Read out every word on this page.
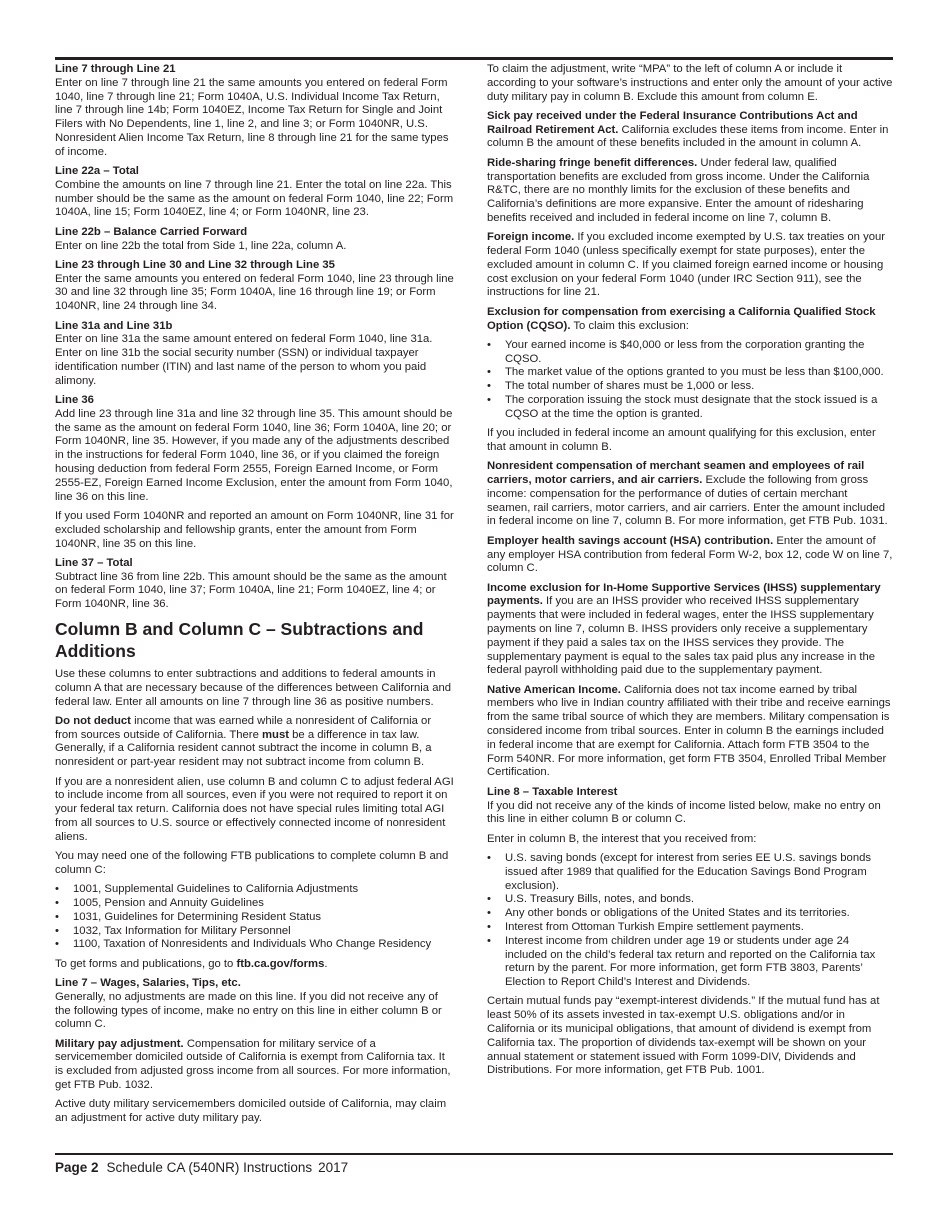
Line 7 through Line 21

Enter on line 7 through line 21 the same amounts you entered on federal Form 1040, line 7 through line 21; Form 1040A, U.S. Individual Income Tax Return, line 7 through line 14b; Form 1040EZ, Income Tax Return for Single and Joint Filers with No Dependents, line 1, line 2, and line 3; or Form 1040NR, U.S. Nonresident Alien Income Tax Return, line 8 through line 21 for the same types of income.

Line 22a – Total

Combine the amounts on line 7 through line 21. Enter the total on line 22a. This number should be the same as the amount on federal Form 1040, line 22; Form 1040A, line 15; Form 1040EZ, line 4; or Form 1040NR, line 23.

Line 22b – Balance Carried Forward

Enter on line 22b the total from Side 1, line 22a, column A.

Line 23 through Line 30 and Line 32 through Line 35

Enter the same amounts you entered on federal Form 1040, line 23 through line 30 and line 32 through line 35; Form 1040A, line 16 through line 19; or Form 1040NR, line 24 through line 34.

Line 31a and Line 31b

Enter on line 31a the same amount entered on federal Form 1040, line 31a. Enter on line 31b the social security number (SSN) or individual taxpayer identification number (ITIN) and last name of the person to whom you paid alimony.

Line 36

Add line 23 through line 31a and line 32 through line 35. This amount should be the same as the amount on federal Form 1040, line 36; Form 1040A, line 20; or Form 1040NR, line 35. However, if you made any of the adjustments described in the instructions for federal Form 1040, line 36, or if you claimed the foreign housing deduction from federal Form 2555, Foreign Earned Income, or Form 2555-EZ, Foreign Earned Income Exclusion, enter the amount from Form 1040, line 36 on this line.

If you used Form 1040NR and reported an amount on Form 1040NR, line 31 for excluded scholarship and fellowship grants, enter the amount from Form 1040NR, line 35 on this line.

Line 37 – Total

Subtract line 36 from line 22b. This amount should be the same as the amount on federal Form 1040, line 37; Form 1040A, line 21; Form 1040EZ, line 4; or Form 1040NR, line 36.

Column B and Column C – Subtractions and Additions

Use these columns to enter subtractions and additions to federal amounts in column A that are necessary because of the differences between California and federal law. Enter all amounts on line 7 through line 36 as positive numbers.

Do not deduct income that was earned while a nonresident of California or from sources outside of California. There must be a difference in tax law. Generally, if a California resident cannot subtract the income in column B, a nonresident or part-year resident may not subtract income from column B.

If you are a nonresident alien, use column B and column C to adjust federal AGI to include income from all sources, even if you were not required to report it on your federal tax return. California does not have special rules limiting total AGI from all sources to U.S. source or effectively connected income of nonresident aliens.

You may need one of the following FTB publications to complete column B and column C:

• 1001, Supplemental Guidelines to California Adjustments
• 1005, Pension and Annuity Guidelines
• 1031, Guidelines for Determining Resident Status
• 1032, Tax Information for Military Personnel
• 1100, Taxation of Nonresidents and Individuals Who Change Residency

To get forms and publications, go to ftb.ca.gov/forms.

Line 7 – Wages, Salaries, Tips, etc.

Generally, no adjustments are made on this line. If you did not receive any of the following types of income, make no entry on this line in either column B or column C.

Military pay adjustment. Compensation for military service of a servicemember domiciled outside of California is exempt from California tax. It is excluded from adjusted gross income from all sources. For more information, get FTB Pub. 1032.

Active duty military servicemembers domiciled outside of California, may claim an adjustment for active duty military pay.

To claim the adjustment, write “MPA” to the left of column A or include it according to your software’s instructions and enter only the amount of your active duty military pay in column B. Exclude this amount from column E.

Sick pay received under the Federal Insurance Contributions Act and Railroad Retirement Act. California excludes these items from income. Enter in column B the amount of these benefits included in the amount in column A.

Ride-sharing fringe benefit differences. Under federal law, qualified transportation benefits are excluded from gross income. Under the California R&TC, there are no monthly limits for the exclusion of these benefits and California’s definitions are more expansive. Enter the amount of ridesharing benefits received and included in federal income on line 7, column B.

Foreign income. If you excluded income exempted by U.S. tax treaties on your federal Form 1040 (unless specifically exempt for state purposes), enter the excluded amount in column C. If you claimed foreign earned income or housing cost exclusion on your federal Form 1040 (under IRC Section 911), see the instructions for line 21.

Exclusion for compensation from exercising a California Qualified Stock Option (CQSO). To claim this exclusion:

• Your earned income is $40,000 or less from the corporation granting the CQSO.
• The market value of the options granted to you must be less than $100,000.
• The total number of shares must be 1,000 or less.
• The corporation issuing the stock must designate that the stock issued is a CQSO at the time the option is granted.

If you included in federal income an amount qualifying for this exclusion, enter that amount in column B.

Nonresident compensation of merchant seamen and employees of rail carriers, motor carriers, and air carriers. Exclude the following from gross income: compensation for the performance of duties of certain merchant seamen, rail carriers, motor carriers, and air carriers. Enter the amount included in federal income on line 7, column B. For more information, get FTB Pub. 1031.

Employer health savings account (HSA) contribution. Enter the amount of any employer HSA contribution from federal Form W-2, box 12, code W on line 7, column C.

Income exclusion for In-Home Supportive Services (IHSS) supplementary payments. If you are an IHSS provider who received IHSS supplementary payments that were included in federal wages, enter the IHSS supplementary payments on line 7, column B. IHSS providers only receive a supplementary payment if they paid a sales tax on the IHSS services they provide. The supplementary payment is equal to the sales tax paid plus any increase in the federal payroll withholding paid due to the supplementary payment.

Native American Income. California does not tax income earned by tribal members who live in Indian country affiliated with their tribe and receive earnings from the same tribal source of which they are members. Military compensation is considered income from tribal sources. Enter in column B the earnings included in federal income that are exempt for California. Attach form FTB 3504 to the Form 540NR. For more information, get form FTB 3504, Enrolled Tribal Member Certification.

Line 8 – Taxable Interest

If you did not receive any of the kinds of income listed below, make no entry on this line in either column B or column C.

Enter in column B, the interest that you received from:

• U.S. saving bonds (except for interest from series EE U.S. savings bonds issued after 1989 that qualified for the Education Savings Bond Program exclusion).
• U.S. Treasury Bills, notes, and bonds.
• Any other bonds or obligations of the United States and its territories.
• Interest from Ottoman Turkish Empire settlement payments.
• Interest income from children under age 19 or students under age 24 included on the child’s federal tax return and reported on the California tax return by the parent. For more information, get form FTB 3803, Parents’ Election to Report Child’s Interest and Dividends.

Certain mutual funds pay “exempt-interest dividends.” If the mutual fund has at least 50% of its assets invested in tax-exempt U.S. obligations and/or in California or its municipal obligations, that amount of dividend is exempt from California tax. The proportion of dividends tax-exempt will be shown on your annual statement or statement issued with Form 1099-DIV, Dividends and Distributions. For more information, get FTB Pub. 1001.

Page 2 Schedule CA (540NR) Instructions 2017
